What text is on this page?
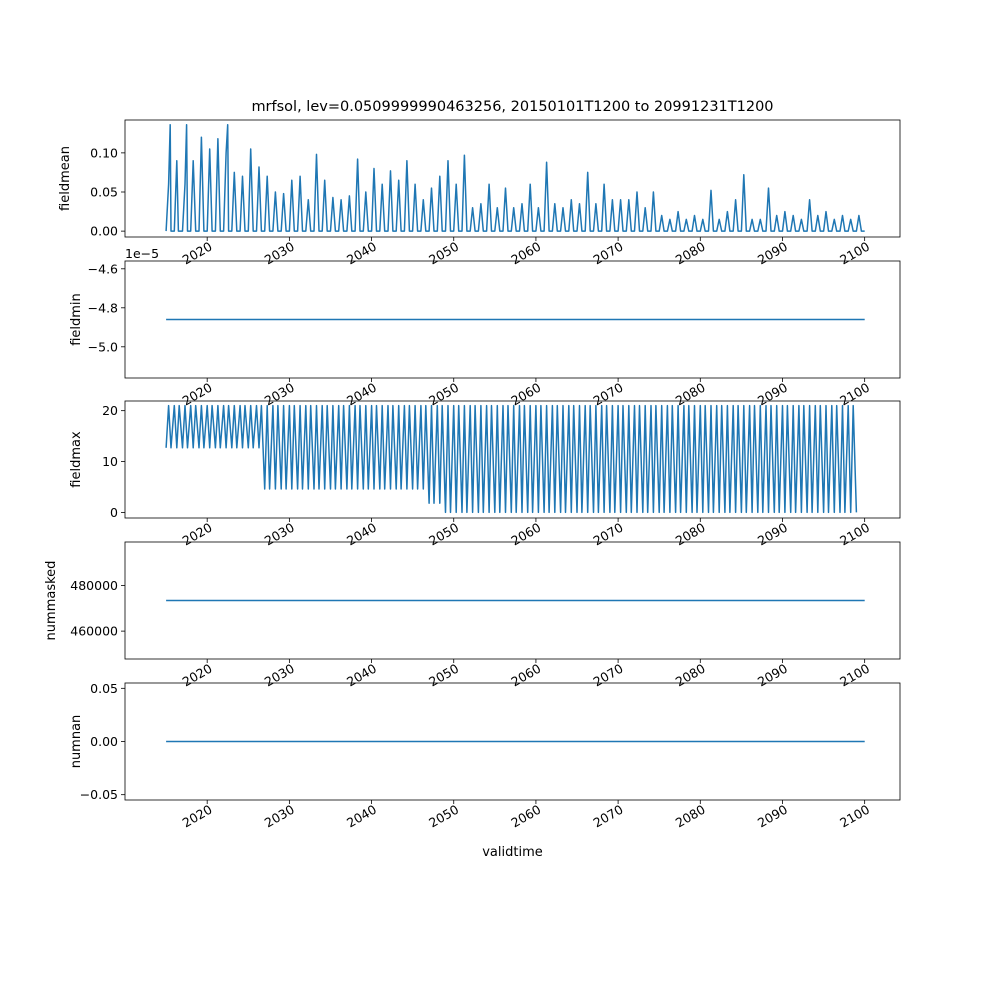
0.00
0.05
0.10
2020	2030	2040	2050	2060	2070	2080	2090	2100
fieldmean
−5.0
−4.8
−4.6
2020	2030	2040	2050	2060	2070	2080	2090	2100
fieldmin
1e−5
0
10
20
2020	2030	2040	2050	2060	2070	2080	2090	2100
fieldmax
460000
480000
2020	2030	2040	2050	2060	2070	2080	2090	2100
nummasked
−0.05
0.00
0.05
2020	2030	2040	2050	2060	2070	2080	2090	2100
numnan
mrfsol, lev=0.0509999990463256, 20150101T1200 to 20991231T1200
validtime
